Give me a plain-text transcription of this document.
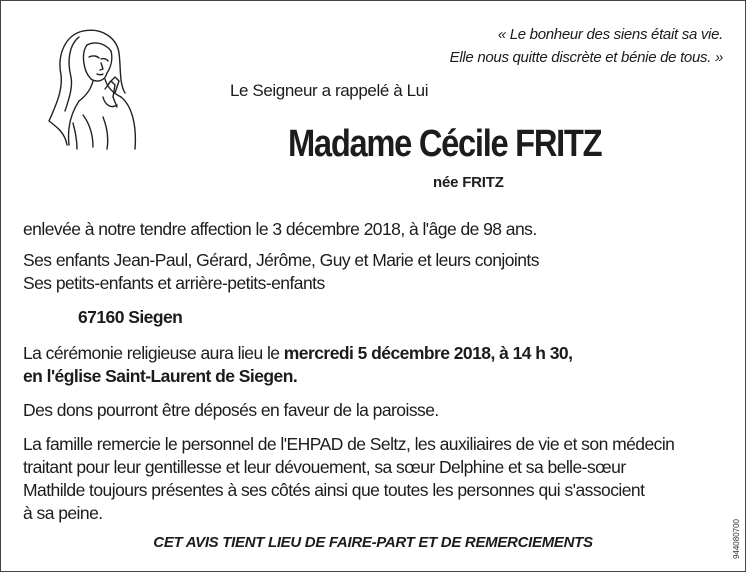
« Le bonheur des siens était sa vie.
Elle nous quitte discrète et bénie de tous. »
Le Seigneur a rappelé à Lui
Madame Cécile FRITZ
née FRITZ
enlevée à notre tendre affection le 3 décembre 2018, à l'âge de 98 ans.
Ses enfants Jean-Paul, Gérard, Jérôme, Guy et Marie et leurs conjoints
Ses petits-enfants et arrière-petits-enfants
67160 Siegen
La cérémonie religieuse aura lieu le mercredi 5 décembre 2018, à 14 h 30,
en l'église Saint-Laurent de Siegen.
Des dons pourront être déposés en faveur de la paroisse.
La famille remercie le personnel de l'EHPAD de Seltz, les auxiliaires de vie et son médecin
traitant pour leur gentillesse et leur dévouement, sa sœur Delphine et sa belle-sœur
Mathilde toujours présentes à ses côtés ainsi que toutes les personnes qui s'associent
à sa peine.
CET AVIS TIENT LIEU DE FAIRE-PART ET DE REMERCIEMENTS	944080700
